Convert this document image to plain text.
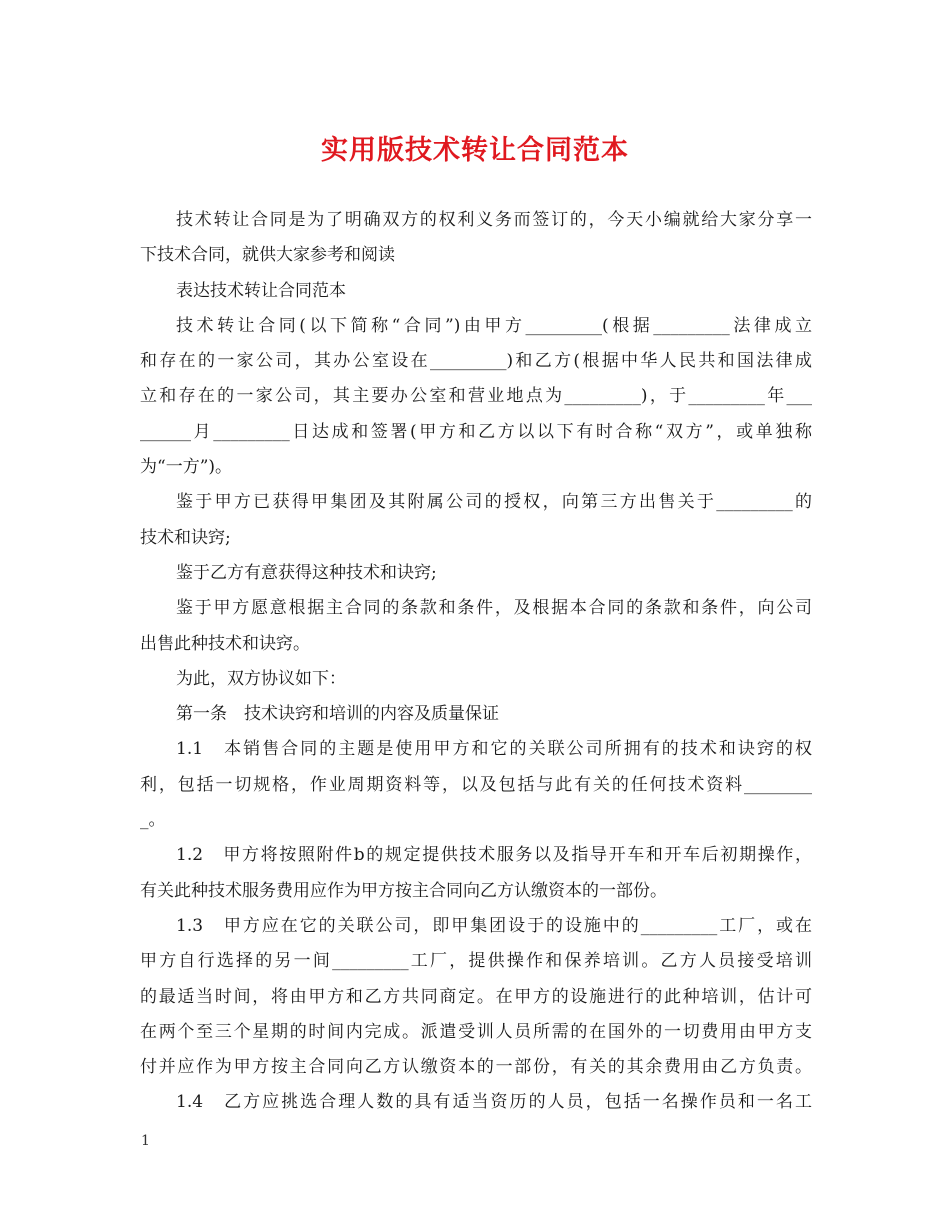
实用版技术转让合同范本
技术转让合同是为了明确双方的权利义务而签订的，今天小编就给大家分享一
下技术合同，就供大家参考和阅读
表达技术转让合同范本
技术转让合同(以下简称“合同”)由甲方_________(根据_________法律成立
和存在的一家公司，其办公室设在_________)和乙方(根据中华人民共和国法律成
立和存在的一家公司，其主要办公室和营业地点为_________)，于_________年___
______月_________日达成和签署(甲方和乙方以以下有时合称“双方”，或单独称
为“一方”)。
鉴于甲方已获得甲集团及其附属公司的授权，向第三方出售关于_________的
技术和诀窍;
鉴于乙方有意获得这种技术和诀窍;
鉴于甲方愿意根据主合同的条款和条件，及根据本合同的条款和条件，向公司
出售此种技术和诀窍。
为此，双方协议如下：
第一条　技术诀窍和培训的内容及质量保证
1.1　本销售合同的主题是使用甲方和它的关联公司所拥有的技术和诀窍的权
利，包括一切规格，作业周期资料等，以及包括与此有关的任何技术资料________
_。
1.2　甲方将按照附件b的规定提供技术服务以及指导开车和开车后初期操作，
有关此种技术服务费用应作为甲方按主合同向乙方认缴资本的一部份。
1.3　甲方应在它的关联公司，即甲集团设于的设施中的_________工厂，或在
甲方自行选择的另一间_________工厂，提供操作和保养培训。乙方人员接受培训
的最适当时间，将由甲方和乙方共同商定。在甲方的设施进行的此种培训，估计可
在两个至三个星期的时间内完成。派遣受训人员所需的在国外的一切费用由甲方支
付并应作为甲方按主合同向乙方认缴资本的一部份，有关的其余费用由乙方负责。
1.4　乙方应挑选合理人数的具有适当资历的人员，包括一名操作员和一名工
1
